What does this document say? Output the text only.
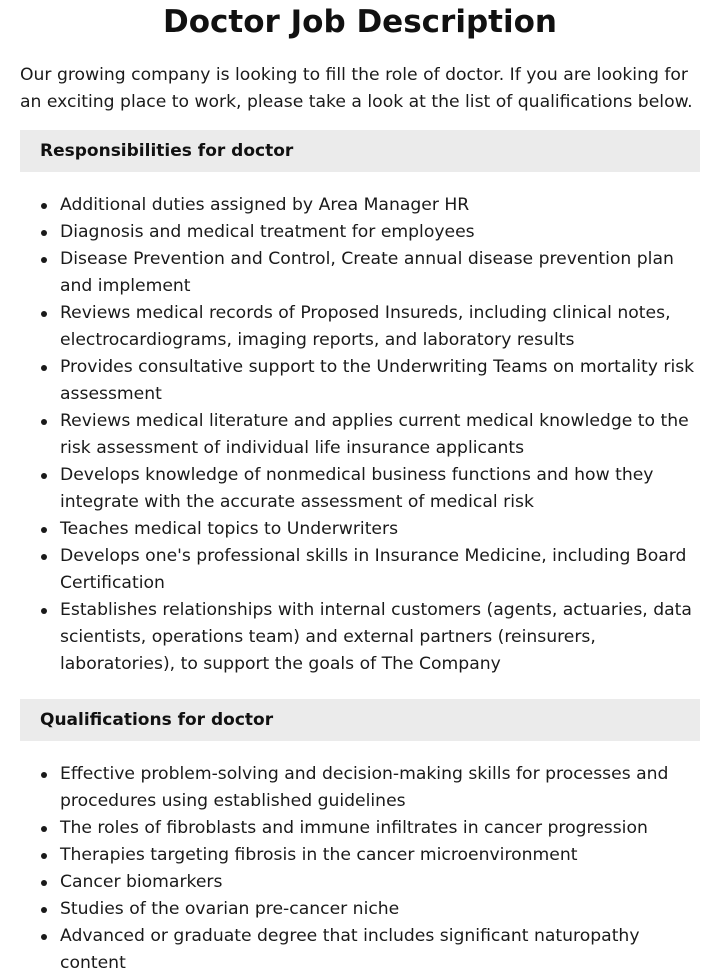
Doctor Job Description

Our growing company is looking to fill the role of doctor. If you are looking for an exciting place to work, please take a look at the list of qualifications below.

Responsibilities for doctor
Additional duties assigned by Area Manager HR
Diagnosis and medical treatment for employees
Disease Prevention and Control, Create annual disease prevention plan and implement
Reviews medical records of Proposed Insureds, including clinical notes, electrocardiograms, imaging reports, and laboratory results
Provides consultative support to the Underwriting Teams on mortality risk assessment
Reviews medical literature and applies current medical knowledge to the risk assessment of individual life insurance applicants
Develops knowledge of nonmedical business functions and how they integrate with the accurate assessment of medical risk
Teaches medical topics to Underwriters
Develops one's professional skills in Insurance Medicine, including Board Certification
Establishes relationships with internal customers (agents, actuaries, data scientists, operations team) and external partners (reinsurers, laboratories), to support the goals of The Company
Qualifications for doctor
Effective problem-solving and decision-making skills for processes and procedures using established guidelines
The roles of fibroblasts and immune infiltrates in cancer progression
Therapies targeting fibrosis in the cancer microenvironment
Cancer biomarkers
Studies of the ovarian pre-cancer niche
Advanced or graduate degree that includes significant naturopathy content
